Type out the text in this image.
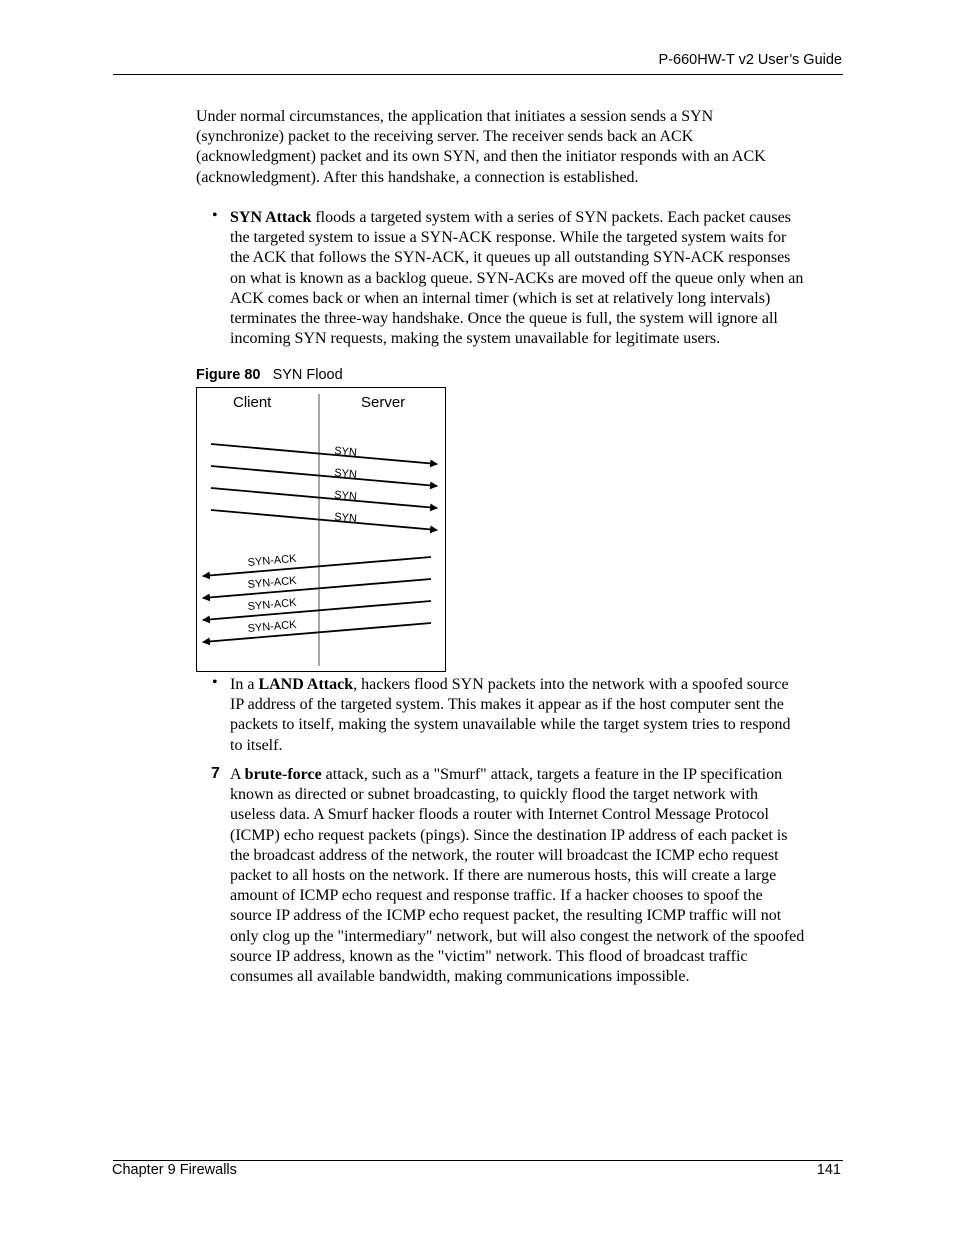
P-660HW-T v2 User’s Guide
Under normal circumstances, the application that initiates a session sends a SYN
(synchronize) packet to the receiving server. The receiver sends back an ACK
(acknowledgment) packet and its own SYN, and then the initiator responds with an ACK
(acknowledgment). After this handshake, a connection is established.
• SYN Attack floods a targeted system with a series of SYN packets. Each packet causes
the targeted system to issue a SYN-ACK response. While the targeted system waits for
the ACK that follows the SYN-ACK, it queues up all outstanding SYN-ACK responses
on what is known as a backlog queue. SYN-ACKs are moved off the queue only when an
ACK comes back or when an internal timer (which is set at relatively long intervals)
terminates the three-way handshake. Once the queue is full, the system will ignore all
incoming SYN requests, making the system unavailable for legitimate users.
Figure 80 SYN Flood
Client	Server
SYN
SYN
SYN
SYN
SYN-ACK
SYN-ACK
SYN-ACK
SYN-ACK
• In a LAND Attack, hackers flood SYN packets into the network with a spoofed source
IP address of the targeted system. This makes it appear as if the host computer sent the
packets to itself, making the system unavailable while the target system tries to respond
to itself.
7 A brute-force attack, such as a "Smurf" attack, targets a feature in the IP specification
known as directed or subnet broadcasting, to quickly flood the target network with
useless data. A Smurf hacker floods a router with Internet Control Message Protocol
(ICMP) echo request packets (pings). Since the destination IP address of each packet is
the broadcast address of the network, the router will broadcast the ICMP echo request
packet to all hosts on the network. If there are numerous hosts, this will create a large
amount of ICMP echo request and response traffic. If a hacker chooses to spoof the
source IP address of the ICMP echo request packet, the resulting ICMP traffic will not
only clog up the "intermediary" network, but will also congest the network of the spoofed
source IP address, known as the "victim" network. This flood of broadcast traffic
consumes all available bandwidth, making communications impossible.
Chapter 9 Firewalls	141
